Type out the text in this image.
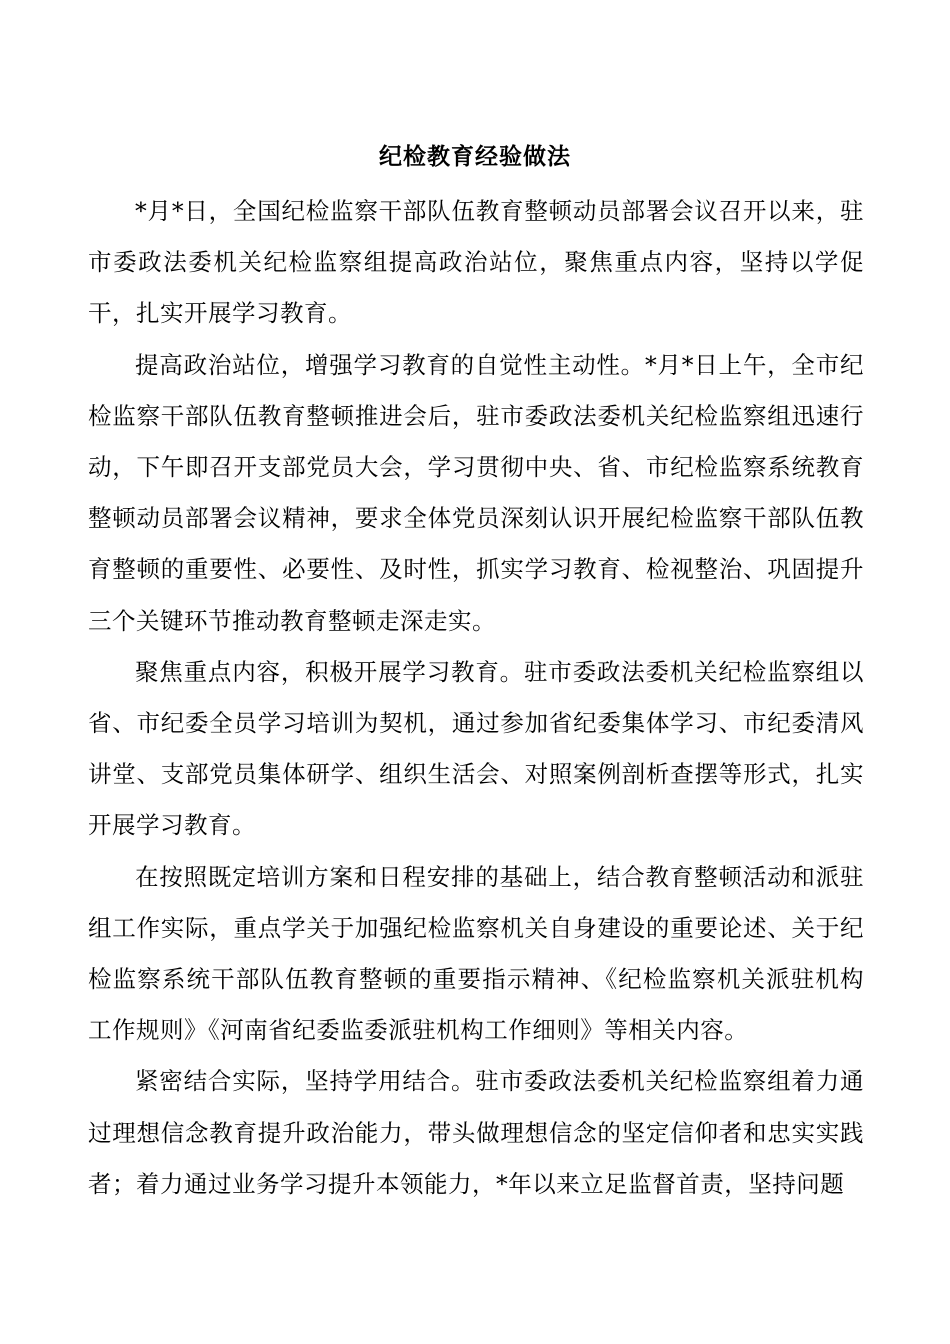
纪检教育经验做法

*月*日，全国纪检监察干部队伍教育整顿动员部署会议召开以来，驻市委政法委机关纪检监察组提高政治站位，聚焦重点内容，坚持以学促干，扎实开展学习教育。

提高政治站位，增强学习教育的自觉性主动性。*月*日上午，全市纪检监察干部队伍教育整顿推进会后，驻市委政法委机关纪检监察组迅速行动，下午即召开支部党员大会，学习贯彻中央、省、市纪检监察系统教育整顿动员部署会议精神，要求全体党员深刻认识开展纪检监察干部队伍教育整顿的重要性、必要性、及时性，抓实学习教育、检视整治、巩固提升三个关键环节推动教育整顿走深走实。

聚焦重点内容，积极开展学习教育。驻市委政法委机关纪检监察组以省、市纪委全员学习培训为契机，通过参加省纪委集体学习、市纪委清风讲堂、支部党员集体研学、组织生活会、对照案例剖析查摆等形式，扎实开展学习教育。

在按照既定培训方案和日程安排的基础上，结合教育整顿活动和派驻组工作实际，重点学关于加强纪检监察机关自身建设的重要论述、关于纪检监察系统干部队伍教育整顿的重要指示精神、《纪检监察机关派驻机构工作规则》《河南省纪委监委派驻机构工作细则》等相关内容。

紧密结合实际，坚持学用结合。驻市委政法委机关纪检监察组着力通过理想信念教育提升政治能力，带头做理想信念的坚定信仰者和忠实实践者；着力通过业务学习提升本领能力，*年以来立足监督首责，坚持问题
